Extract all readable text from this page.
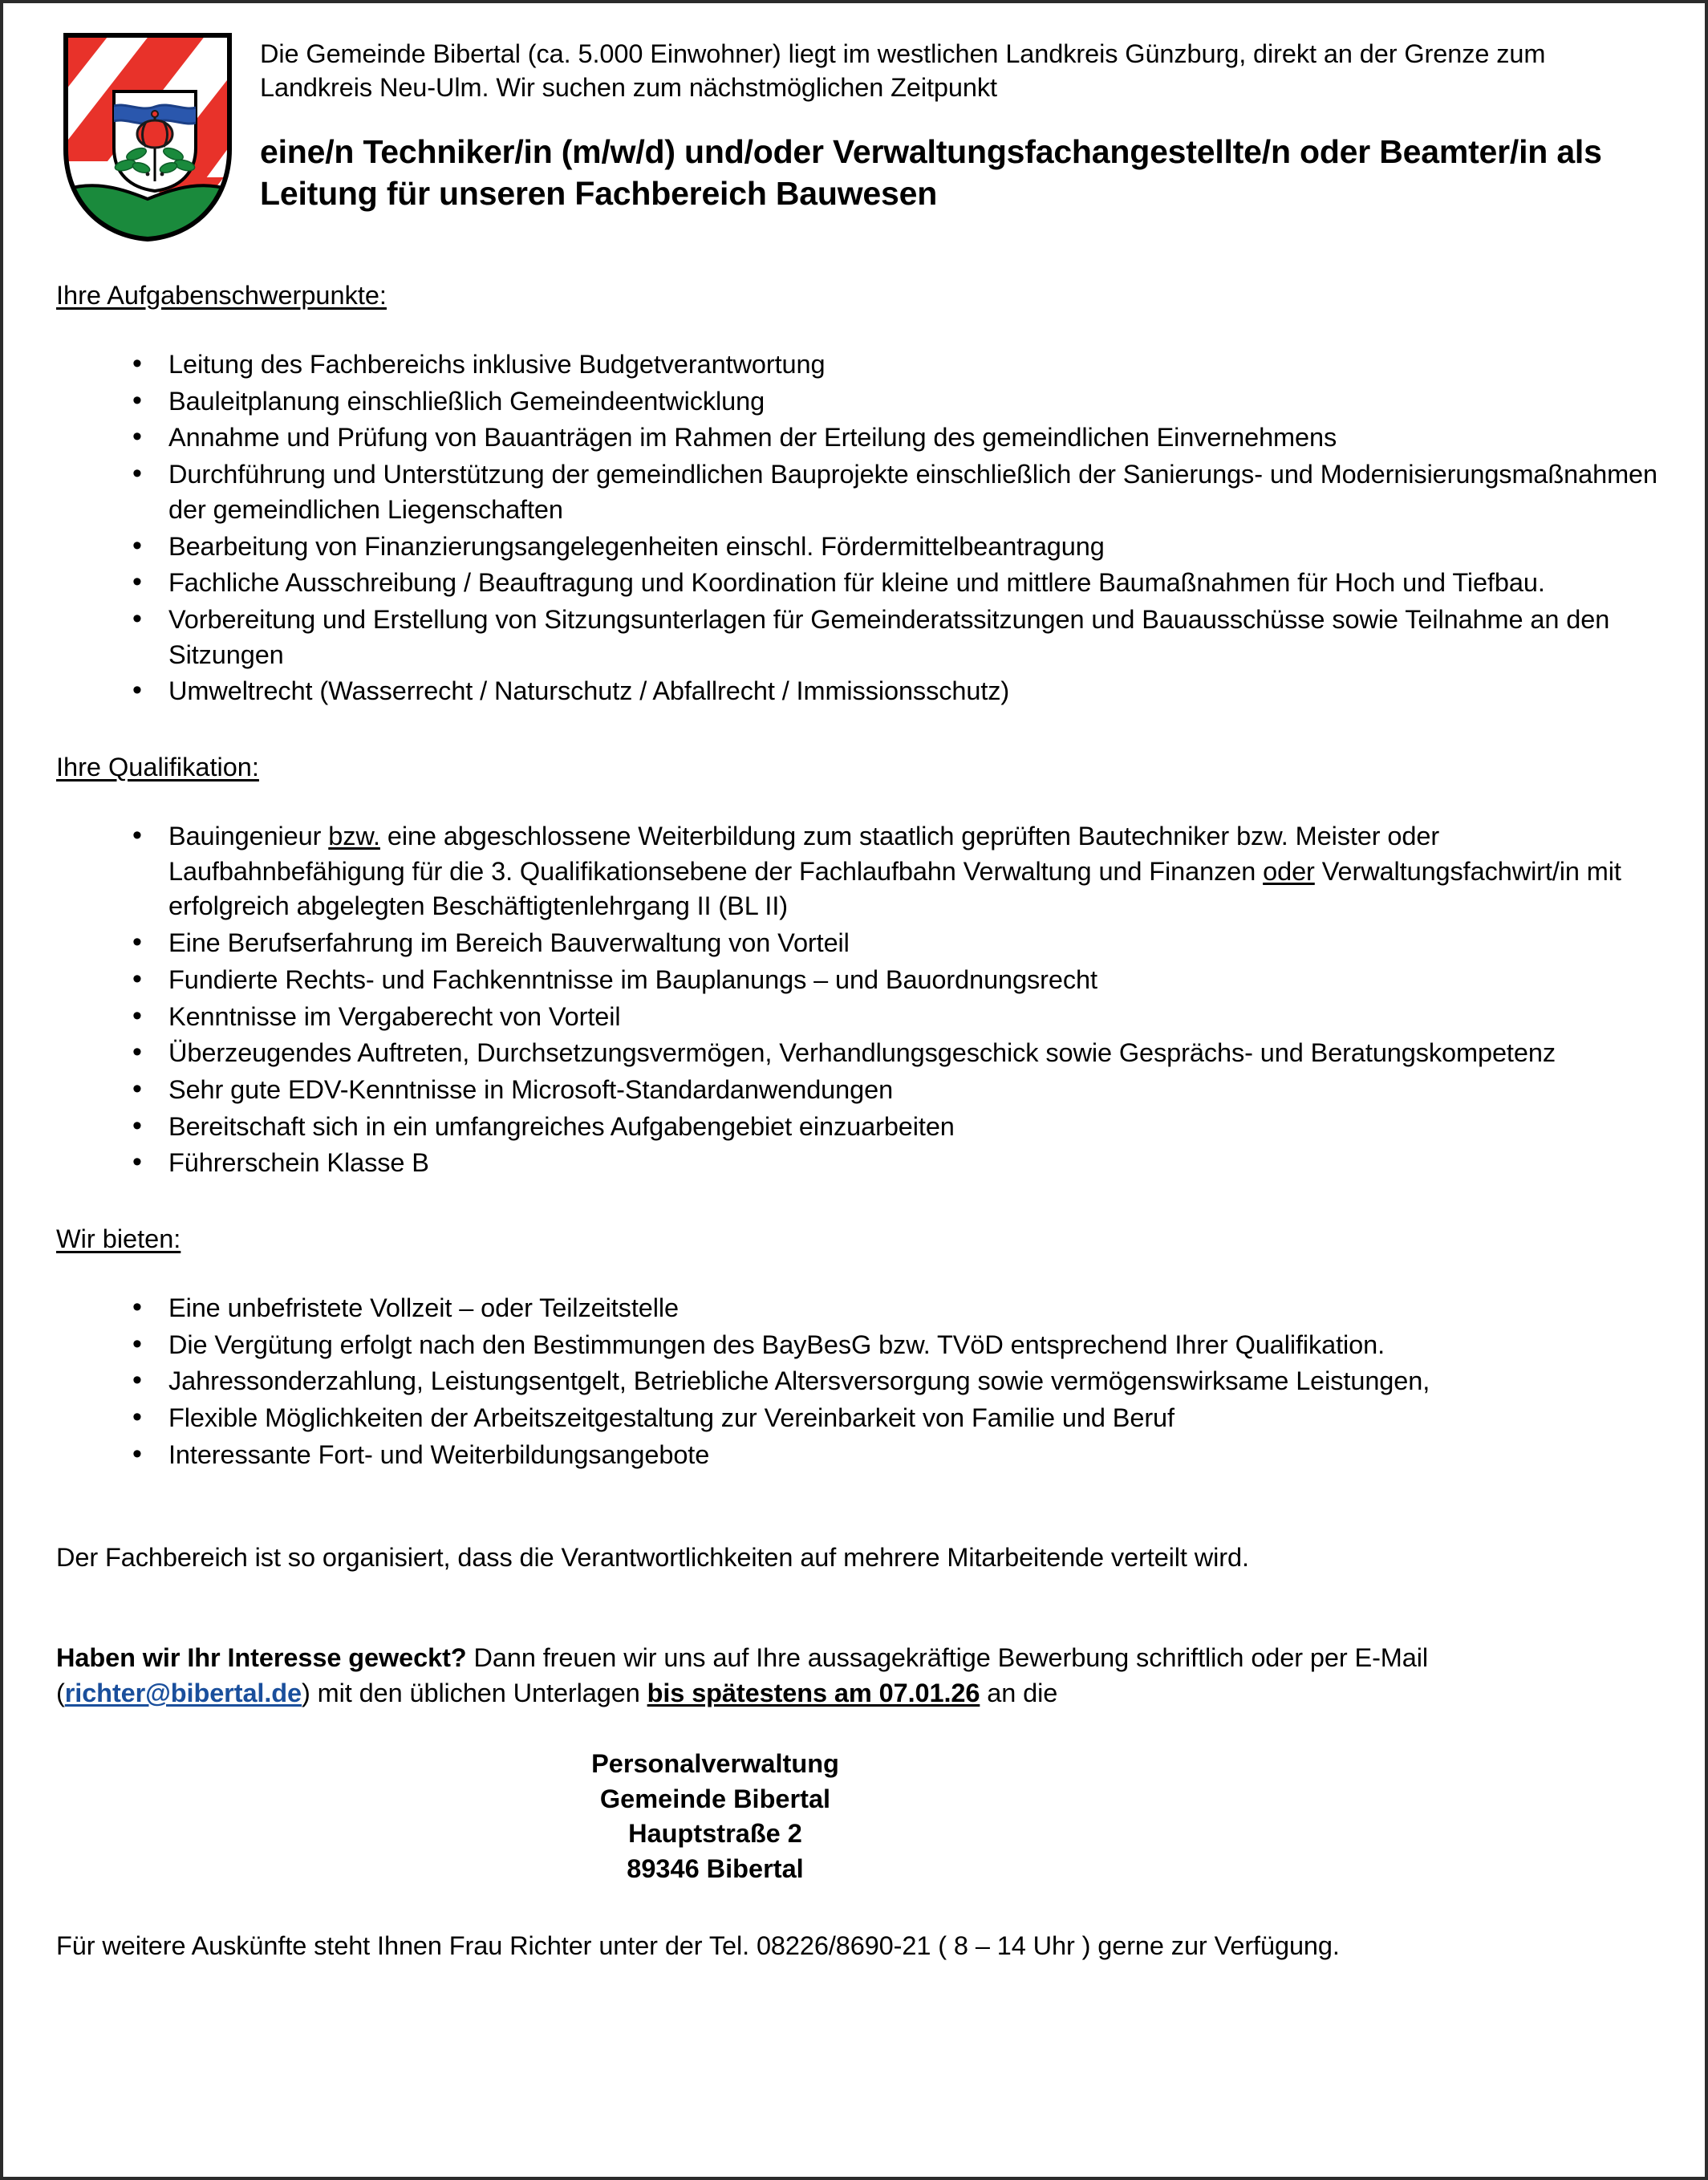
Die Gemeinde Bibertal (ca. 5.000 Einwohner) liegt im westlichen Landkreis Günzburg, direkt an der Grenze zum Landkreis Neu-Ulm. Wir suchen zum nächstmöglichen Zeitpunkt
eine/n Techniker/in (m/w/d) und/oder Verwaltungsfachangestellte/n oder Beamter/in als Leitung für unseren Fachbereich Bauwesen
Ihre Aufgabenschwerpunkte:
• Leitung des Fachbereichs inklusive Budgetverantwortung
• Bauleitplanung einschließlich Gemeindeentwicklung
• Annahme und Prüfung von Bauanträgen im Rahmen der Erteilung des gemeindlichen Einvernehmens
• Durchführung und Unterstützung der gemeindlichen Bauprojekte einschließlich der Sanierungs- und Modernisierungsmaßnahmen der gemeindlichen Liegenschaften
• Bearbeitung von Finanzierungsangelegenheiten einschl. Fördermittelbeantragung
• Fachliche Ausschreibung / Beauftragung und Koordination für kleine und mittlere Baumaßnahmen für Hoch und Tiefbau.
• Vorbereitung und Erstellung von Sitzungsunterlagen für Gemeinderatssitzungen und Bauausschüsse sowie Teilnahme an den Sitzungen
• Umweltrecht (Wasserrecht / Naturschutz / Abfallrecht / Immissionsschutz)
Ihre Qualifikation:
• Bauingenieur bzw. eine abgeschlossene Weiterbildung zum staatlich geprüften Bautechniker bzw. Meister oder Laufbahnbefähigung für die 3. Qualifikationsebene der Fachlaufbahn Verwaltung und Finanzen oder Verwaltungsfachwirt/in mit erfolgreich abgelegten Beschäftigtenlehrgang II (BL II)
• Eine Berufserfahrung im Bereich Bauverwaltung von Vorteil
• Fundierte Rechts- und Fachkenntnisse im Bauplanungs – und Bauordnungsrecht
• Kenntnisse im Vergaberecht von Vorteil
• Überzeugendes Auftreten, Durchsetzungsvermögen, Verhandlungsgeschick sowie Gesprächs- und Beratungskompetenz
• Sehr gute EDV-Kenntnisse in Microsoft-Standardanwendungen
• Bereitschaft sich in ein umfangreiches Aufgabengebiet einzuarbeiten
• Führerschein Klasse B
Wir bieten:
• Eine unbefristete Vollzeit – oder Teilzeitstelle
• Die Vergütung erfolgt nach den Bestimmungen des BayBesG bzw. TVöD entsprechend Ihrer Qualifikation.
• Jahressonderzahlung, Leistungsentgelt, Betriebliche Altersversorgung sowie vermögenswirksame Leistungen,
• Flexible Möglichkeiten der Arbeitszeitgestaltung zur Vereinbarkeit von Familie und Beruf
• Interessante Fort- und Weiterbildungsangebote
Der Fachbereich ist so organisiert, dass die Verantwortlichkeiten auf mehrere Mitarbeitende verteilt wird.
Haben wir Ihr Interesse geweckt? Dann freuen wir uns auf Ihre aussagekräftige Bewerbung schriftlich oder per E-Mail (richter@bibertal.de) mit den üblichen Unterlagen bis spätestens am 07.01.26 an die
Personalverwaltung
Gemeinde Bibertal
Hauptstraße 2
89346 Bibertal
Für weitere Auskünfte steht Ihnen Frau Richter unter der Tel. 08226/8690-21 ( 8 – 14 Uhr ) gerne zur Verfügung.
